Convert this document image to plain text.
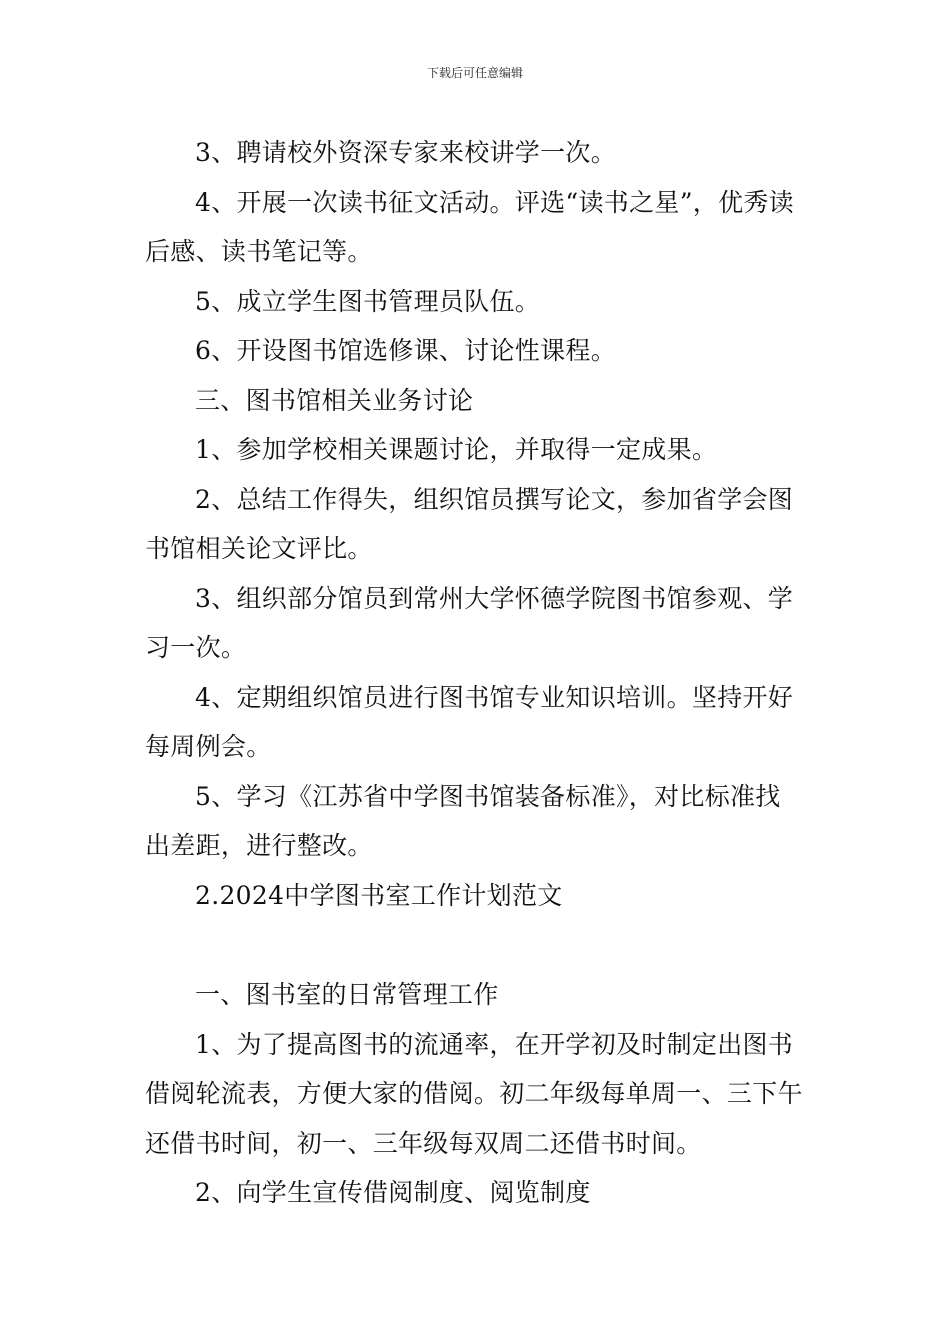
下载后可任意编辑

3、聘请校外资深专家来校讲学一次。

4、开展一次读书征文活动。评选“读书之星”，优秀读后感、读书笔记等。

5、成立学生图书管理员队伍。

6、开设图书馆选修课、讨论性课程。

三、图书馆相关业务讨论

1、参加学校相关课题讨论，并取得一定成果。

2、总结工作得失，组织馆员撰写论文，参加省学会图书馆相关论文评比。

3、组织部分馆员到常州大学怀德学院图书馆参观、学习一次。

4、定期组织馆员进行图书馆专业知识培训。坚持开好每周例会。

5、学习《江苏省中学图书馆装备标准》，对比标准找出差距，进行整改。

2.2024中学图书室工作计划范文

一、图书室的日常管理工作

1、为了提高图书的流通率，在开学初及时制定出图书借阅轮流表，方便大家的借阅。初二年级每单周一、三下午还借书时间，初一、三年级每双周二还借书时间。

2、向学生宣传借阅制度、阅览制度
